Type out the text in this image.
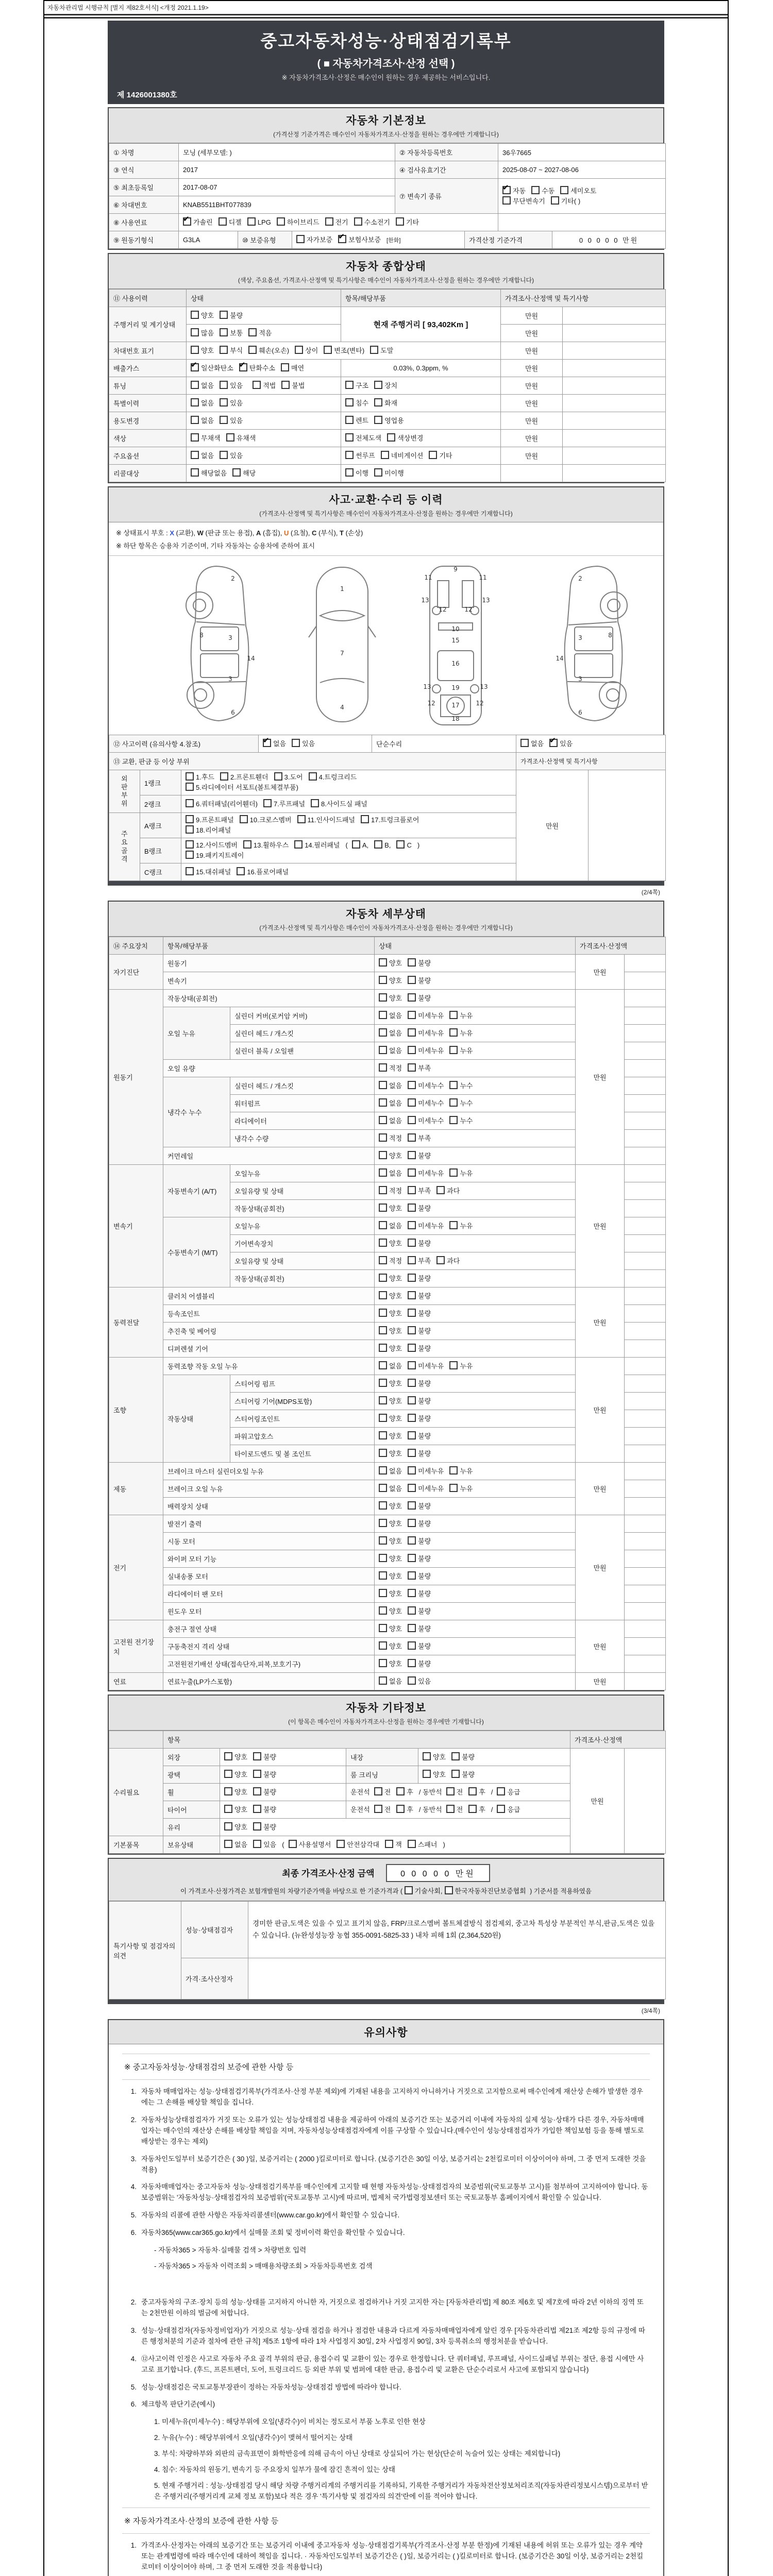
자동차관리법 시행규칙 [별지 제82호서식] <개정 2021.1.19>
중고자동차성능·상태점검기록부
( ■ 자동차가격조사·산정 선택 )
※ 자동차가격조사·산정은 매수인이 원하는 경우 제공하는 서비스입니다.
제 1426001380호
자동차 기본정보
(가격산정 기준가격은 매수인이 자동차가격조사·산정을 원하는 경우에만 기재합니다)
① 차명	모닝 (세부모델: )	② 자동차등록번호	36우7665
③ 연식	2017	④ 검사유효기간	2025-08-07 ~ 2027-08-06
⑤ 최초등록일	2017-08-07	⑦ 변속기 종류	
✔자동 수동 세미오토
무단변속기 기타( )

⑥ 차대번호	KNAB5511BHT077839		
⑧ 사용연료	✔가솔린 디젤 LPG 하이브리드 전기 수소전기 기타	
⑨ 원동기형식	G3LA	⑩ 보증유형	자가보증 ✔ 보험사보증 [한화]	가격산정 기준가격	0 0 0 0 0 만원
자동차 종합상태
(색상, 주요옵션, 가격조사·산정액 및 특기사항은 매수인이 자동차가격조사·산정을 원하는 경우에만 기재합니다)
⑪ 사용이력	상태	항목/해당부품	가격조사·산정액 및 특기사항	
주행거리 및 계기상태	양호 불량	현재 주행거리 [ 93,402Km ]	만원	
	많음 보통 적음		만원	
차대번호 표기	양호 부식 훼손(오손) 상이 변조(변타) 도말		만원	
배출가스	✔일산화탄소 ✔ 탄화수소 매연	0.03%, 0.3ppm, %	만원	
튜닝	없음 있음 적법 불법	구조 장치	만원	
특별이력	없음 있음	침수 화재	만원	
용도변경	없음 있음	렌트 영업용	만원	
색상	무채색 유채색	전체도색 색상변경	만원	
주요옵션	없음 있음	썬루프 네비게이션 기타	만원	
리콜대상	해당없음 해당	이행 미이행		
사고·교환·수리 등 이력
(가격조사·산정액 및 특기사항은 매수인이 자동차가격조사·산정을 원하는 경우에만 기재합니다)
※ 상태표시 부호 : X (교환), W (판금 또는 용접), A (흠집), U (요철), C (부식), T (손상)
※ 하단 항목은 승용차 기준이며, 기타 자동차는 승용차에 준하여 표시
2
8	3
14
3
6
1
7
4
9
11	11
13	13
12	12
10
15
16
19
13	13
12	12
17
18
2
3	8
14
3
6
⑫ 사고이력 (유의사항 4.참조)	✔없음 있음	단순수리	없음 ✔ 있음
⑬ 교환, 판금 등 이상 부위			가격조사·산정액 및 특기사항
외판부위	1랭크	1.후드 2.프론트휀더 3.도어 4.트렁크리드
5.라디에이터 서포트(볼트체결부품)	만원	
	2랭크	6.쿼터패널(리어휀더) 7.루프패널 8.사이드실 패널		

주요골격	A랭크	9.프론트패널 10.크로스멤버 11.인사이드패널 17.트렁크플로어
18.리어패널		
	B랭크	12.사이드멤버 13.휠하우스 14.필러패널 ( A, B, C )
19.패키지트레이		
	C랭크	15.대쉬패널 16.플로어패널		
(2/4쪽)
자동차 세부상태
(가격조사·산정액 및 특기사항은 매수인이 자동차가격조사·산정을 원하는 경우에만 기재합니다)
⑭ 주요장치	항목/해당부품		상태	가격조사·산정액	
자기진단	원동기		양호 불량	만원	
	변속기		양호 불량		
원동기	작동상태(공회전)		양호 불량	만원	
	오일 누유	실린더 커버(로커암 커버)	없음 미세누유 누유		
		실린더 헤드 / 개스킷	없음 미세누유 누유		
		실린더 블록 / 오일팬	없음 미세누유 누유		
	오일 유량		적정 부족		
	냉각수 누수	실린더 헤드 / 개스킷	없음 미세누수 누수		
		워터펌프	없음 미세누수 누수		
		라디에이터	없음 미세누수 누수		
		냉각수 수량	적정 부족		
	커먼레일		양호 불량		
변속기	자동변속기 (A/T)	오일누유	없음 미세누유 누유	만원	
		오일유량 및 상태	적정 부족 과다		
		작동상태(공회전)	양호 불량		
	수동변속기 (M/T)	오일누유	없음 미세누유 누유		
		기어변속장치	양호 불량		
		오일유량 및 상태	적정 부족 과다		
		작동상태(공회전)	양호 불량		
동력전달	클러치 어셈블리		양호 불량	만원	
	등속조인트		양호 불량		
	추진축 및 베어링		양호 불량		
	디퍼렌셜 기어		양호 불량		
조향	동력조향 작동 오일 누유		없음 미세누유 누유	만원	
	작동상태	스티어링 펌프	양호 불량		
		스티어링 기어(MDPS포함)	양호 불량		
		스티어링조인트	양호 불량		
		파워고압호스	양호 불량		
		타이로드엔드 및 볼 조인트	양호 불량		
제동	브레이크 마스터 실린더오일 누유		없음 미세누유 누유	만원	
	브레이크 오일 누유		없음 미세누유 누유		
	배력장치 상태		양호 불량		
전기	발전기 출력		양호 불량	만원	
	시동 모터		양호 불량		
	와이퍼 모터 기능		양호 불량		
	실내송풍 모터		양호 불량		
	라디에이터 팬 모터		양호 불량		
	윈도우 모터		양호 불량		
고전원 전기장치	충전구 절연 상태		양호 불량	만원	
	구동축전지 격리 상태		양호 불량		
	고전원전기배선 상태(접속단자,피복,보호기구)		양호 불량		
연료	연료누출(LP가스포함)		없음 있음	만원	
자동차 기타정보
(이 항목은 매수인이 자동차가격조사·산정을 원하는 경우에만 기재합니다)
	항목				가격조사·산정액	
수리필요	외장	양호 불량	내장	양호 불량	만원	
	광택	양호 불량	룸 크리닝	양호 불량		
	휠	양호 불량	운전석 전 후 / 동반석 전 후 / 응급			
	타이어	양호 불량	운전석 전 후 / 동반석 전 후 / 응급			
	유리	양호 불량				
기본품목	보유상태	없음 있음 ( 사용설명서 안전삼각대 잭 스패너 )				
최종 가격조사·산정 금액	0 0 0 0 0 만원
이 가격조사·산정가격은 보험개발원의 차량기준가액을 바탕으로 한 기준가격과 ( 기술사회, 한국자동차진단보증협회 ) 기준서를 적용하였음
특기사항 및 점검자의 의견	성능·상태점검자	경미한 판금,도색은 있을 수 있고 표기치 않음, FRP/크로스멤버 볼트체결방식 점검제외, 중고차 특성상 부분적인 부식,판금,도색은 있을 수 있습니다. (뉴완성성능장 농협 355-0091-5825-33 ) 내차 피해 1회 (2,364,520원)
	가격·조사산정자	
(3/4쪽)
유의사항
※ 중고자동차성능·상태점검의 보증에 관한 사항 등
1. 자동차 매매업자는 성능·상태점검기록부(가격조사·산정 부분 제외)에 기재된 내용을 고지하지 아니하거나 거짓으로 고지함으로써 매수인에게 재산상 손해가 발생한 경우에는 그 손해를 배상할 책임을 집니다.
2. 자동차성능상태점검자가 거짓 또는 오류가 있는 성능상태점검 내용을 제공하여 아래의 보증기간 또는 보증거리 이내에 자동차의 실제 성능·상태가 다른 경우, 자동차매매업자는 매수인의 재산상 손해를 배상할 책임을 지며, 자동차성능상태점검자에게 이를 구상할 수 있습니다.(매수인이 성능상태점검자가 가입한 책임보험 등을 통해 별도로 배상받는 경우는 제외)
3. 자동차인도일부터 보증기간은 ( 30 )일, 보증거리는 ( 2000 )킬로미터로 합니다. (보증기간은 30일 이상, 보증거리는 2천킬로미터 이상이어야 하며, 그 중 먼저 도래한 것을 적용)
4. 자동차매매업자는 중고자동차 성능·상태점검기록부를 매수인에게 고지할 때 현행 자동차성능·상태점검자의 보증범위(국토교통부 고시)를 첨부하여 고지하여야 합니다. 동 보증범위는 '자동차성능·상태점검자의 보증범위'(국토교통부 고시)에 따르며, 법제처 국가법령정보센터 또는 국토교통부 홈페이지에서 확인할 수 있습니다.
5. 자동차의 리콜에 관한 사항은 자동차리콜센터(www.car.go.kr)에서 확인할 수 있습니다.
6. 자동차365(www.car365.go.kr)에서 실매물 조회 및 정비이력 확인을 확인할 수 있습니다.
- 자동차365 > 자동차·실매물 검색 > 차량번호 입력
- 자동차365 > 자동차 이력조회 > 매매용차량조회 > 자동차등록번호 검색
2. 중고자동차의 구조·장치 등의 성능·상태를 고지하지 아니한 자, 거짓으로 점검하거나 거짓 고지한 자는 [자동차관리법] 제 80조 제6호 및 제7호에 따라 2년 이하의 징역 또는 2천만원 이하의 벌금에 처합니다.
3. 성능·상태점검자(자동차정비업자)가 거짓으로 성능·상태 점검을 하거나 점검한 내용과 다르게 자동차매매업자에게 알린 경우 [자동차관리법 제21조 제2항 등의 규정에 따른 행정처분의 기준과 절차에 관한 규칙] 제5조 1항에 따라 1차 사업정지 30일, 2차 사업정지 90일, 3차 등록취소의 행정처분을 받습니다.
4. ⑫사고이력 인정은 사고로 자동차 주요 골격 부위의 판금, 용접수리 및 교환이 있는 경우로 한정합니다. 단 쿼터패널, 루프패널, 사이드실패널 부위는 절단, 용접 시에만 사고로 표기합니다. (후드, 프론트펜더, 도어, 트렁크리드 등 외판 부위 및 범퍼에 대한 판금, 용접수리 및 교환은 단순수리로서 사고에 포함되지 않습니다)
5. 성능·상태점검은 국토교통부장관이 정하는 자동차성능·상태점검 방법에 따라야 합니다.
6. 체크항목 판단기준(예시)
1. 미세누유(미세누수) : 해당부위에 오일(냉각수)이 비치는 정도로서 부품 노후로 인한 현상
2. 누유(누수) : 해당부위에서 오일(냉각수)이 맺혀서 떨어지는 상태
3. 부식: 차량하부와 외판의 금속표면이 화학반응에 의해 금속이 아닌 상태로 상실되어 가는 현상(단순히 녹슬어 있는 상태는 제외합니다)
4. 침수: 자동차의 원동기, 변속기 등 주요장치 일부가 물에 잠긴 흔적이 있는 상태
5. 현재 주행거리 : 성능·상태점검 당시 해당 차량 주행거리계의 주행거리를 기록하되, 기록한 주행거리가 자동차전산정보처리조직(자동차관리정보시스템)으로부터 받은 주행거리(주행거리계 교체 정보 포함)보다 적은 경우 '특기사항 및 점검자의 의견'란에 이를 적어야 합니다.
※ 자동차가격조사·산정의 보증에 관한 사항 등
1. 가격조사·산정자는 아래의 보증기간 또는 보증거리 이내에 중고자동차 성능·상태점검기록부(가격조사·산정 부분 한정)에 기재된 내용에 허위 또는 오류가 있는 경우 계약 또는 관계법령에 따라 매수인에 대하여 책임을 집니다. · 자동차인도일부터 보증기간은 ( )일, 보증거리는 ( )킬로미터로 합니다. (보증기간은 30일 이상, 보증거리는 2천킬로미터 이상이어야 하며, 그 중 먼저 도래한 것을 적용합니다)
